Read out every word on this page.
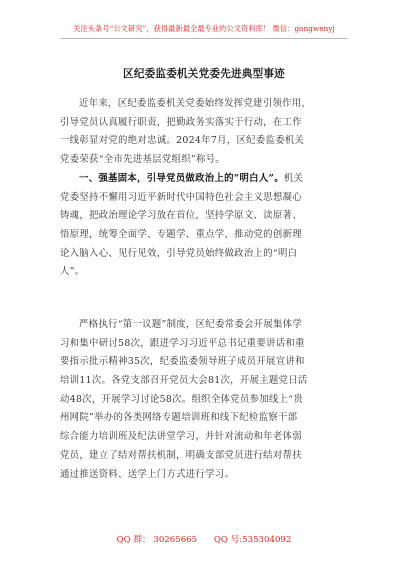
关注头条号“公文研究”，获得最新最全最专业的公文资料库！ 微信：gongwenyj
区纪委监委机关党委先进典型事迹
近年来，区纪委监委机关党委始终发挥党建引领作用，
引导党员认真履行职责，把勤政务实落实于行动，在工作
一线彰显对党的绝对忠诚。2024年7月，区纪委监委机关
党委荣获“全市先进基层党组织”称号。
一、强基固本，引导党员做政治上的“明白人”。机关
党委坚持不懈用习近平新时代中国特色社会主义思想凝心
铸魂，把政治理论学习放在首位，坚持学原文、读原著、
悟原理，统筹全面学、专题学、重点学，推动党的创新理
论入脑入心、见行见效，引导党员始终做政治上的“明白
人”。
严格执行“第一议题”制度，区纪委常委会开展集体学
习和集中研讨58次，跟进学习习近平总书记重要讲话和重
要指示批示精神35次，纪委监委领导班子成员开展宣讲和
培训11次。各党支部召开党员大会81次，开展主题党日活
动48次，开展学习讨论58次。组织全体党员参加线上“贵
州网院”举办的各类网络专题培训班和线下纪检监察干部
综合能力培训班及纪法讲堂学习，并针对流动和年老体弱
党员，建立了结对帮扶机制，明确支部党员进行结对帮扶
通过推送资料、送学上门方式进行学习。
QQ 群： 30265665 QQ 号:535304092
